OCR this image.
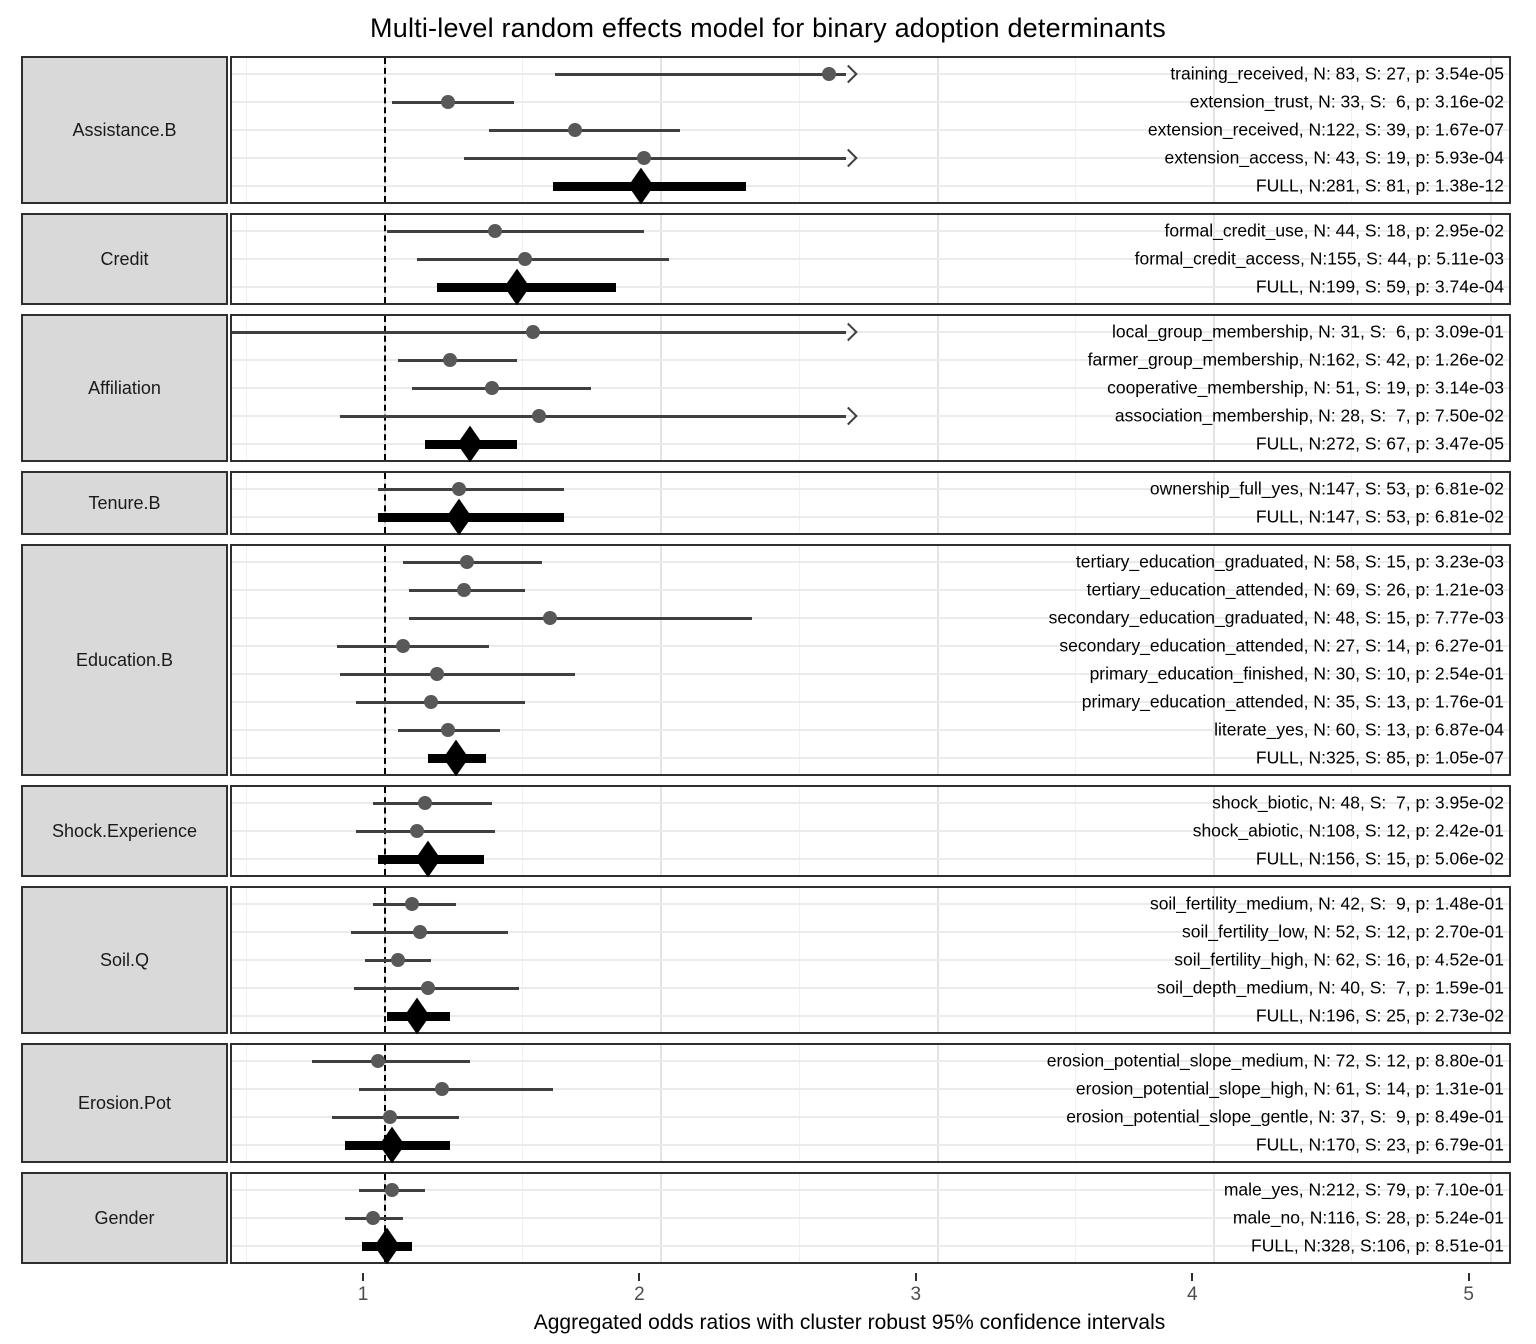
Multi-level random effects model for binary adoption determinants
Assistance.B
training_received, N: 83, S: 27, p: 3.54e-05
extension_trust, N: 33, S:  6, p: 3.16e-02
extension_received, N:122, S: 39, p: 1.67e-07
extension_access, N: 43, S: 19, p: 5.93e-04
FULL, N:281, S: 81, p: 1.38e-12
Credit
formal_credit_use, N: 44, S: 18, p: 2.95e-02
formal_credit_access, N:155, S: 44, p: 5.11e-03
FULL, N:199, S: 59, p: 3.74e-04
Affiliation
local_group_membership, N: 31, S:  6, p: 3.09e-01
farmer_group_membership, N:162, S: 42, p: 1.26e-02
cooperative_membership, N: 51, S: 19, p: 3.14e-03
association_membership, N: 28, S:  7, p: 7.50e-02
FULL, N:272, S: 67, p: 3.47e-05
Tenure.B
ownership_full_yes, N:147, S: 53, p: 6.81e-02
FULL, N:147, S: 53, p: 6.81e-02
Education.B
tertiary_education_graduated, N: 58, S: 15, p: 3.23e-03
tertiary_education_attended, N: 69, S: 26, p: 1.21e-03
secondary_education_graduated, N: 48, S: 15, p: 7.77e-03
secondary_education_attended, N: 27, S: 14, p: 6.27e-01
primary_education_finished, N: 30, S: 10, p: 2.54e-01
primary_education_attended, N: 35, S: 13, p: 1.76e-01
literate_yes, N: 60, S: 13, p: 6.87e-04
FULL, N:325, S: 85, p: 1.05e-07
Shock.Experience
shock_biotic, N: 48, S:  7, p: 3.95e-02
shock_abiotic, N:108, S: 12, p: 2.42e-01
FULL, N:156, S: 15, p: 5.06e-02
Soil.Q
soil_fertility_medium, N: 42, S:  9, p: 1.48e-01
soil_fertility_low, N: 52, S: 12, p: 2.70e-01
soil_fertility_high, N: 62, S: 16, p: 4.52e-01
soil_depth_medium, N: 40, S:  7, p: 1.59e-01
FULL, N:196, S: 25, p: 2.73e-02
Erosion.Pot
erosion_potential_slope_medium, N: 72, S: 12, p: 8.80e-01
erosion_potential_slope_high, N: 61, S: 14, p: 1.31e-01
erosion_potential_slope_gentle, N: 37, S:  9, p: 8.49e-01
FULL, N:170, S: 23, p: 6.79e-01
Gender
male_yes, N:212, S: 79, p: 7.10e-01
male_no, N:116, S: 28, p: 5.24e-01
FULL, N:328, S:106, p: 8.51e-01
Aggregated odds ratios with cluster robust 95% confidence intervals
1	2	3	4	5
